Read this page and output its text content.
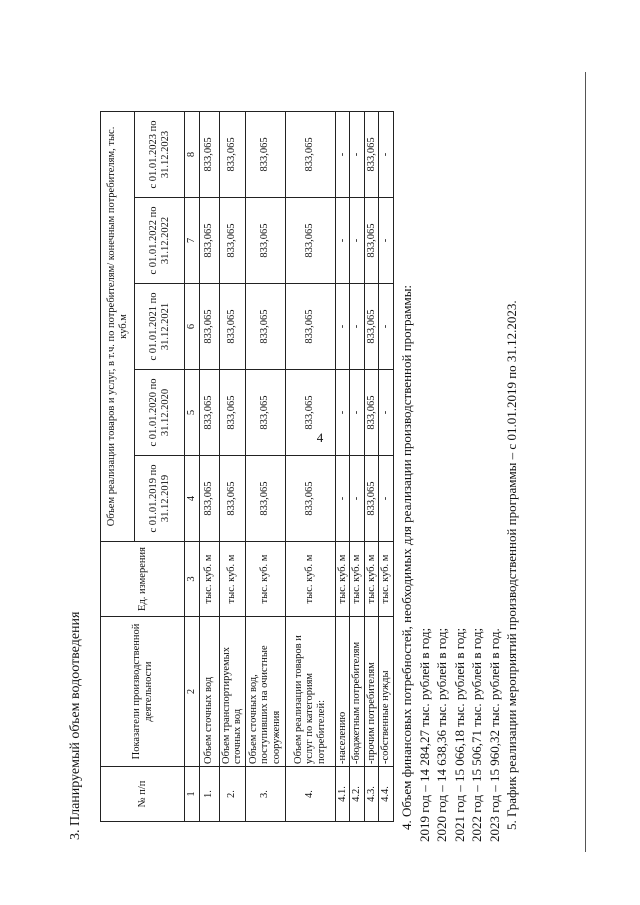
4
3. Планируемый объем водоотведения	№ п/п	Показатели производственной деятельности	Ед. измерения	Объем реализации товаров и услуг, в т.ч. по потребителям/ конечным потребителям, тыс. куб.м				
			с 01.01.2019 по 31.12.2019	с 01.01.2020 по 31.12.2020	с 01.01.2021 по 31.12.2021	с 01.01.2022 по 31.12.2022	с 01.01.2023 по 31.12.2023
1	2	3	4	5	6	7	8
1.	Объем сточных вод	тыс. куб. м	833,065	833,065	833,065	833,065	833,065
2.	Объем транспортируемых сточных вод	тыс. куб. м	833,065	833,065	833,065	833,065	833,065
3.	Объем сточных вод, поступивших на очистные сооружения	тыс. куб. м	833,065	833,065	833,065	833,065	833,065
4.	Объем реализации товаров и услуг по категориям потребителей:	тыс. куб. м	833,065	833,065	833,065	833,065	833,065
4.1.	-населению	тыс. куб. м	-	-	-	-	-
4.2.	-бюджетным потребителям	тыс. куб. м	-	-	-	-	-
4.3.	-прочим потребителям	тыс. куб. м	833,065	833,065	833,065	833,065	833,065
4.4.	-собственные нужды	тыс. куб. м	-	-	-	-	-
4. Объем финансовых потребностей, необходимых для реализации производственной программы: 2019 год – 14 284,27 тыс. рублей в год; 2020 год – 14 638,36 тыс. рублей в год; 2021 год – 15 066,18 тыс. рублей в год; 2022 год – 15 506,71 тыс. рублей в год; 2023 год – 15 960,32 тыс. рублей в год. 5. График реализации мероприятий производственной программы – с 01.01.2019 по 31.12.2023.
